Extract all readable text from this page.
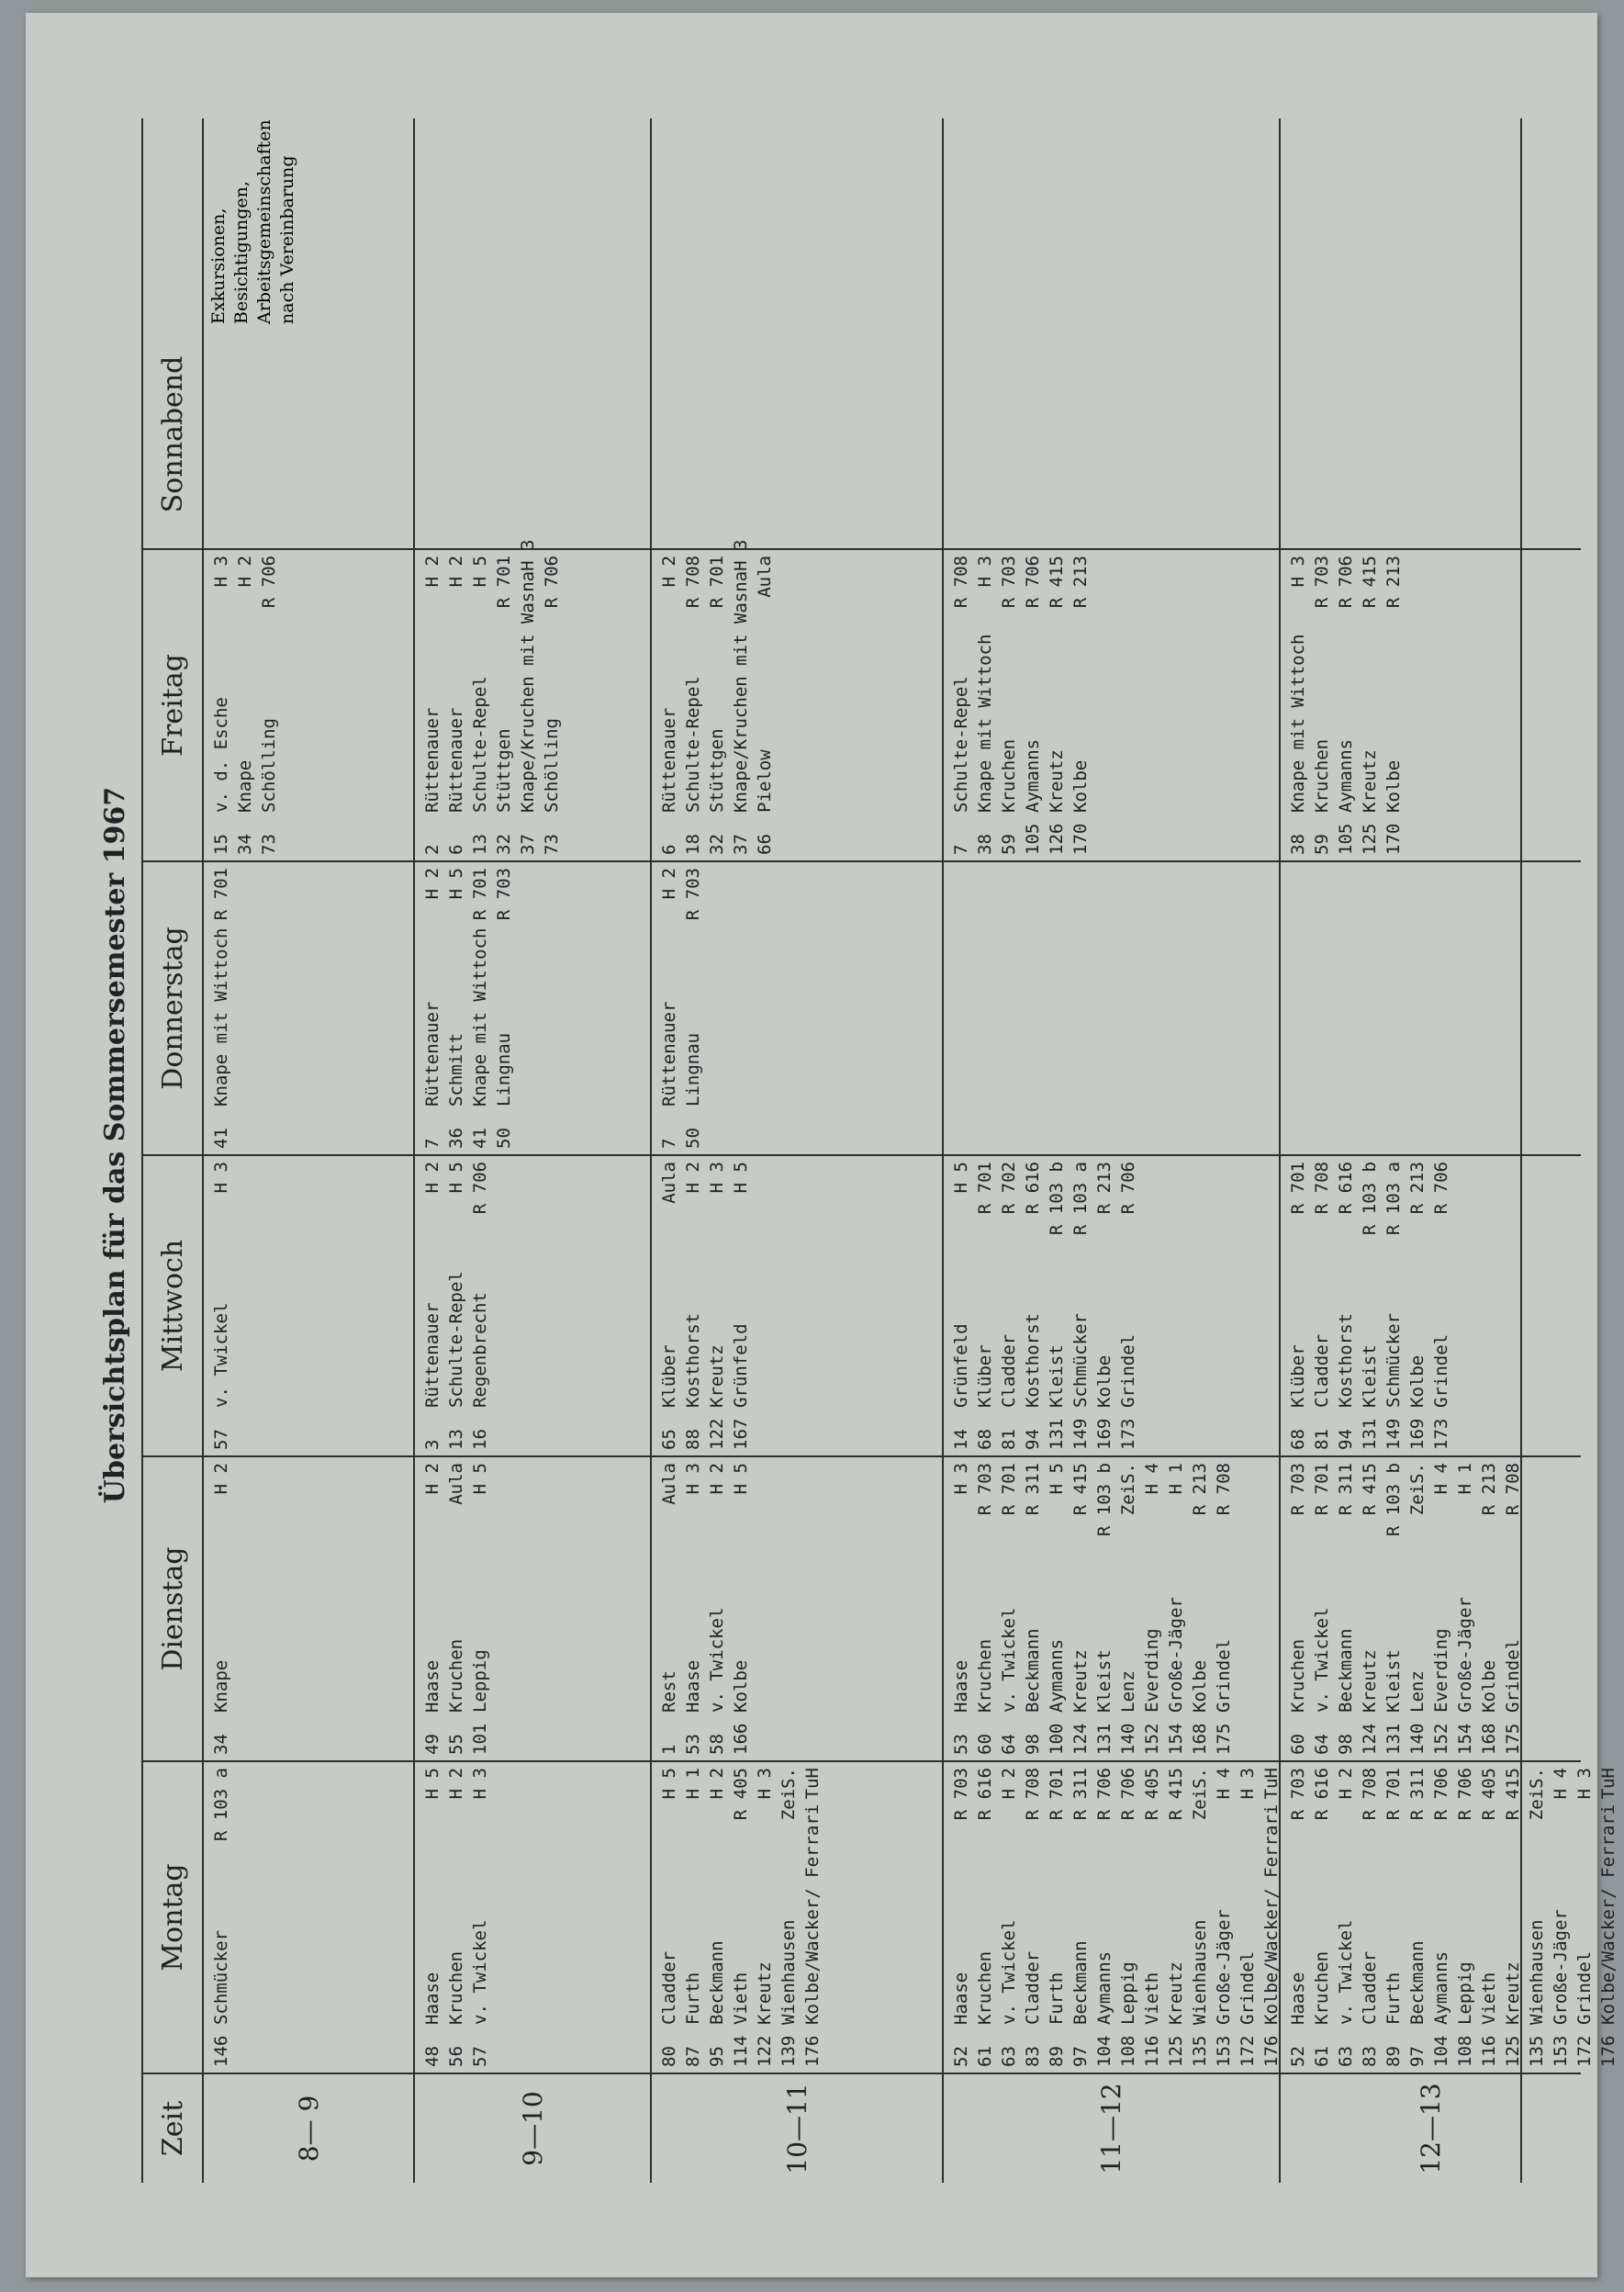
Übersichtsplan für das Sommersemester 1967
Zeit
Montag
Dienstag
Mittwoch
Donnerstag
Freitag
Sonnabend
8— 9
146
Schmücker
R 103 a
34
Knape
H 2
57
v. Twickel
H 3
41
Knape mit Wittoch
R 701
15
v. d. Esche
H 3
34
Knape
H 2
73
Schölling
R 706
9—10
48
Haase
H 5
56
Kruchen
H 2
57
v. Twickel
H 3
49
Haase
H 2
55
Kruchen
Aula
101
Leppig
H 5
3
Rüttenauer
H 2
13
Schulte-Repel
H 5
16
Regenbrecht
R 706
7
Rüttenauer
H 2
36
Schmitt
H 5
41
Knape mit Wittoch
R 701
50
Lingnau
R 703
2
Rüttenauer
H 2
6
Rüttenauer
H 2
13
Schulte-Repel
H 5
32
Stüttgen
R 701
37
Knape/Kruchen mit Wasna
H 3
73
Schölling
R 706
10—11
80
Cladder
H 5
87
Furth
H 1
95
Beckmann
H 2
114
Vieth
R 405
122
Kreutz
H 3
139
Wienhausen
ZeiS.
176
Kolbe/Wacker/ Ferrari
TuH
1
Rest
Aula
53
Haase
H 3
58
v. Twickel
H 2
166
Kolbe
H 5
65
Klüber
Aula
88
Kosthorst
H 2
122
Kreutz
H 3
167
Grünfeld
H 5
7
Rüttenauer
H 2
50
Lingnau
R 703
6
Rüttenauer
H 2
18
Schulte-Repel
R 708
32
Stüttgen
R 701
37
Knape/Kruchen mit Wasna
H 3
66
Pielow
Aula
11—12
52
Haase
R 703
61
Kruchen
R 616
63
v. Twickel
H 2
83
Cladder
R 708
89
Furth
R 701
97
Beckmann
R 311
104
Aymanns
R 706
108
Leppig
R 706
116
Vieth
R 405
125
Kreutz
R 415
135
Wienhausen
ZeiS.
153
Große-Jäger
H 4
172
Grindel
H 3
176
Kolbe/Wacker/ Ferrari
TuH
53
Haase
H 3
60
Kruchen
R 703
64
v. Twickel
R 701
98
Beckmann
R 311
100
Aymanns
H 5
124
Kreutz
R 415
131
Kleist
R 103 b
140
Lenz
ZeiS.
152
Everding
H 4
154
Große-Jäger
H 1
168
Kolbe
R 213
175
Grindel
R 708
14
Grünfeld
H 5
68
Klüber
R 701
81
Cladder
R 702
94
Kosthorst
R 616
131
Kleist
R 103 b
149
Schmücker
R 103 a
169
Kolbe
R 213
173
Grindel
R 706
7
Schulte-Repel
R 708
38
Knape mit Wittoch
H 3
59
Kruchen
R 703
105
Aymanns
R 706
126
Kreutz
R 415
170
Kolbe
R 213
12—13
52
Haase
R 703
61
Kruchen
R 616
63
v. Twickel
H 2
83
Cladder
R 708
89
Furth
R 701
97
Beckmann
R 311
104
Aymanns
R 706
108
Leppig
R 706
116
Vieth
R 405
125
Kreutz
R 415
135
Wienhausen
ZeiS.
153
Große-Jäger
H 4
172
Grindel
H 3
176
Kolbe/Wacker/ Ferrari
TuH
60
Kruchen
R 703
64
v. Twickel
R 701
98
Beckmann
R 311
124
Kreutz
R 415
131
Kleist
R 103 b
140
Lenz
ZeiS.
152
Everding
H 4
154
Große-Jäger
H 1
168
Kolbe
R 213
175
Grindel
R 708
68
Klüber
R 701
81
Cladder
R 708
94
Kosthorst
R 616
131
Kleist
R 103 b
149
Schmücker
R 103 a
169
Kolbe
R 213
173
Grindel
R 706
38
Knape mit Wittoch
H 3
59
Kruchen
R 703
105
Aymanns
R 706
125
Kreutz
R 415
170
Kolbe
R 213
Exkursionen, Besichtigungen, Arbeitsgemeinschaften nach Vereinbarung
